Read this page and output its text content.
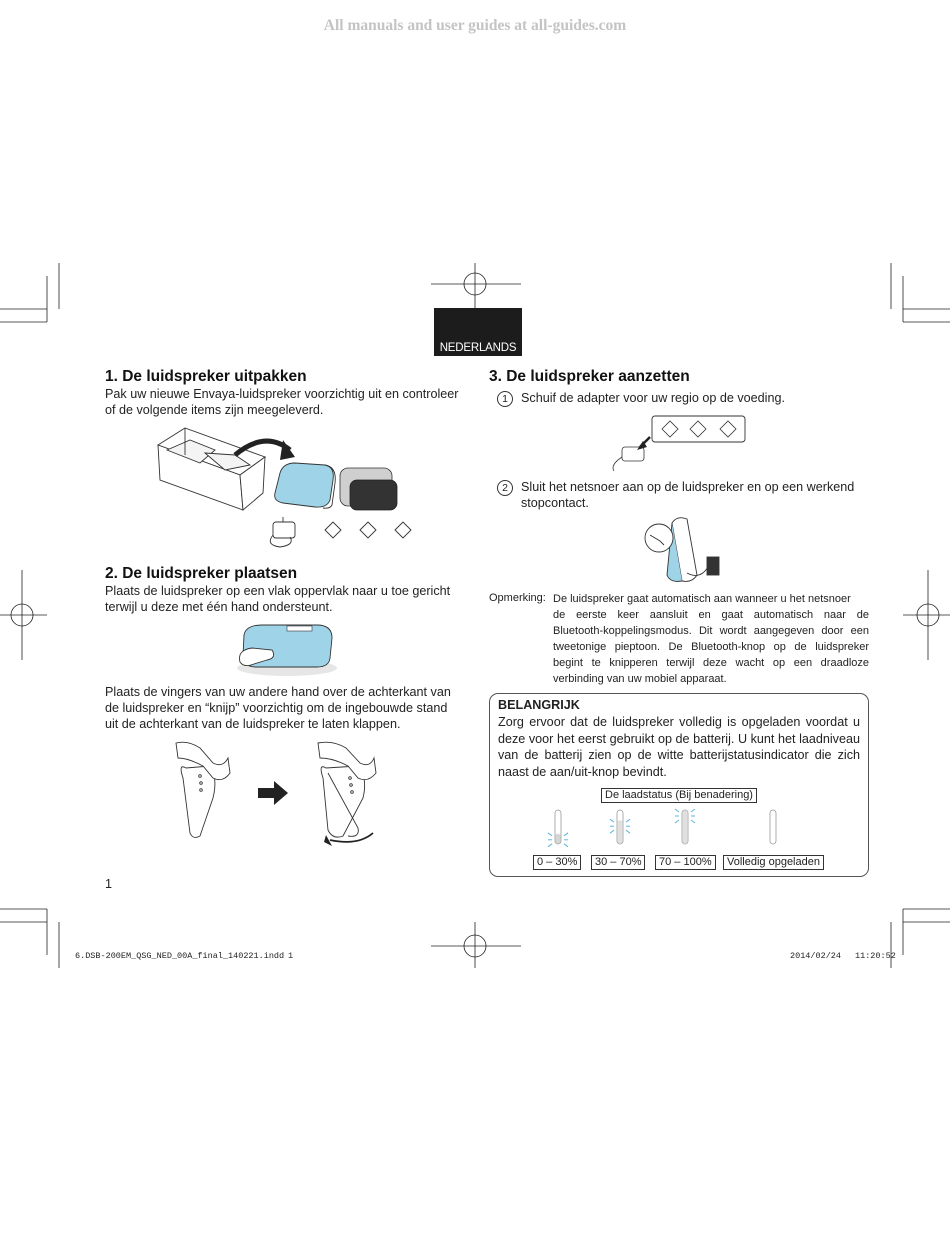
All manuals and user guides at all-guides.com
NEDERLANDS
1. De luidspreker uitpakken
Pak uw nieuwe Envaya-luidspreker voorzichtig uit en controleer
of de volgende items zijn meegeleverd.
2. De luidspreker plaatsen
Plaats de luidspreker op een vlak oppervlak naar u toe gericht
terwijl u deze met één hand ondersteunt.
Plaats de vingers van uw andere hand over de achterkant van
de luidspreker en “knijp” voorzichtig om de ingebouwde stand
uit de achterkant van de luidspreker te laten klappen.
1
3. De luidspreker aanzetten
1	Schuif de adapter voor uw regio op de voeding.
2	Sluit het netsnoer aan op de luidspreker en op een werkend
stopcontact.
Opmerking: De luidspreker gaat automatisch aan wanneer u het netsnoer
de eerste keer aansluit en gaat automatisch naar de
Bluetooth-koppelingsmodus. Dit wordt aangegeven door een
tweetonige pieptoon. De Bluetooth-knop op de luidspreker
begint te knipperen terwijl deze wacht op een draadloze
verbinding van uw mobiel apparaat.
BELANGRIJK
Zorg ervoor dat de luidspreker volledig is opgeladen voordat u
deze voor het eerst gebruikt op de batterij. U kunt het laadniveau
van de batterij zien op de witte batterijstatusindicator die zich
naast de aan/uit-knop bevindt.
De laadstatus (Bij benadering)
0 – 30%	30 – 70%	70 – 100%	Volledig opgeladen
6.DSB-200EM_QSG_NED_00A_final_140221.indd 1	2014/02/24 11:20:52
